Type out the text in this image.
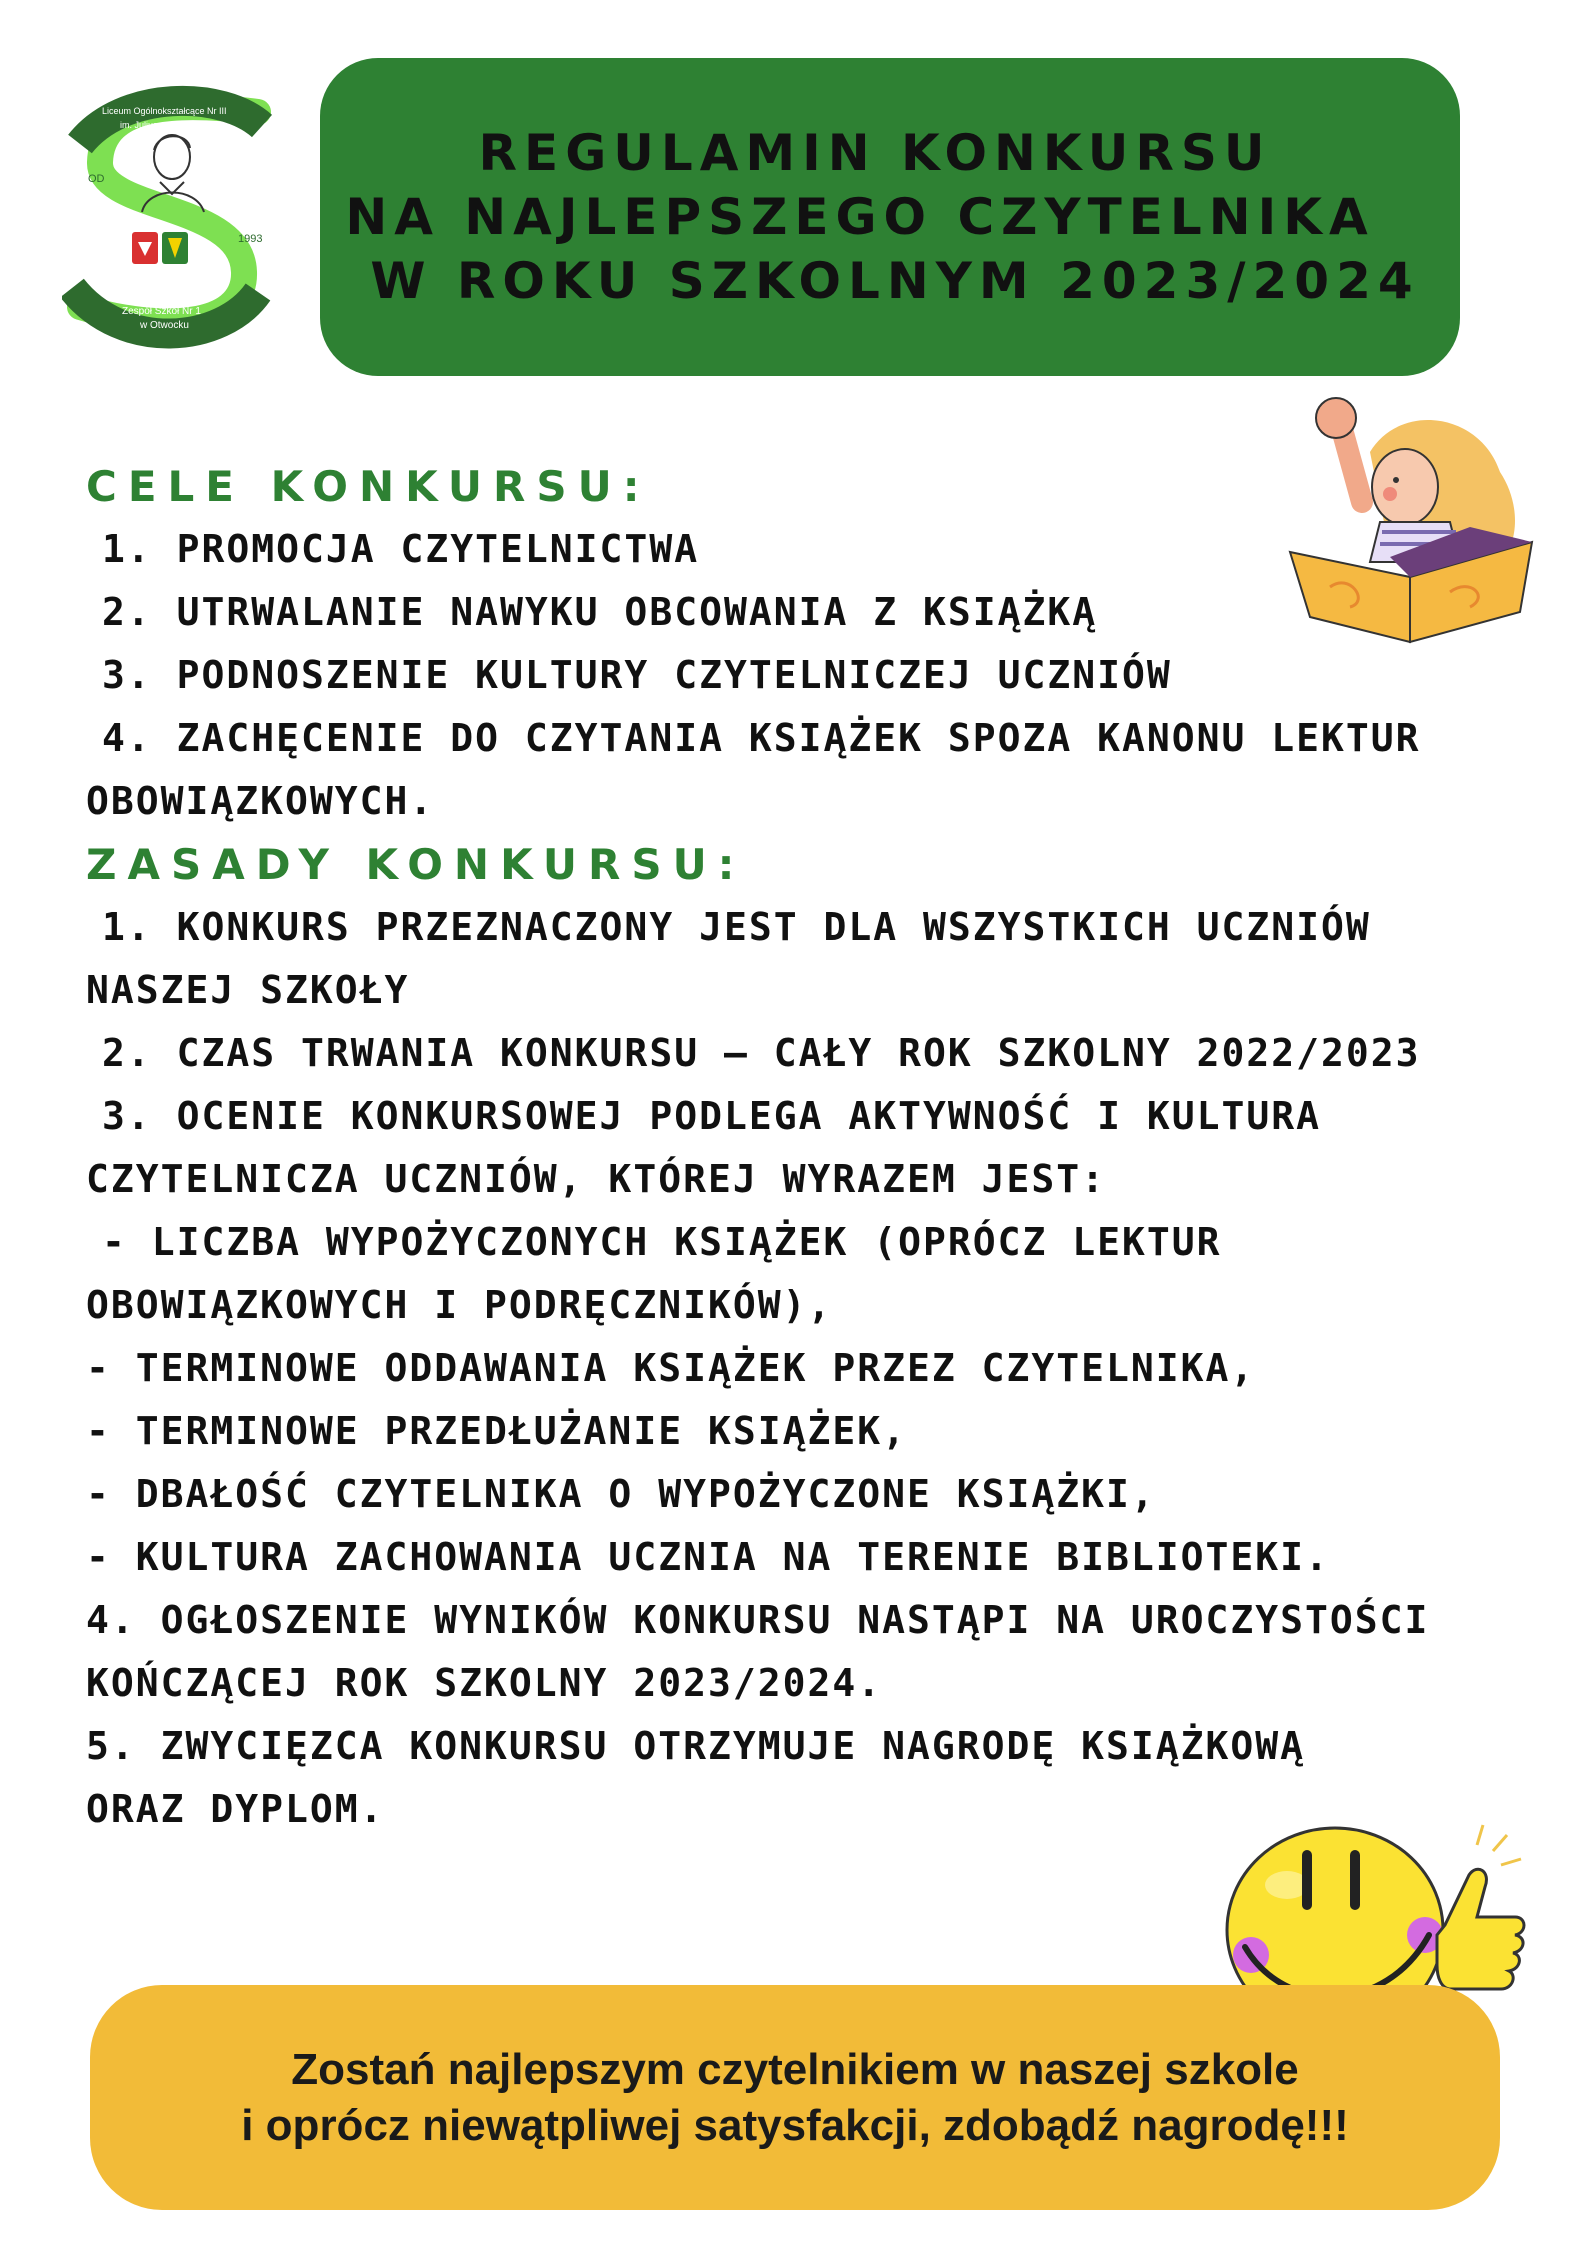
Liceum Ogólnokształcące Nr III
im. Juliusza Słowackiego
Zespół Szkół Nr 1
w Otwocku
OD
1993
REGULAMIN KONKURSU
NA NAJLEPSZEGO CZYTELNIKA
W ROKU SZKOLNYM 2023/2024
CELE KONKURSU:
1. PROMOCJA CZYTELNICTWA
2. UTRWALANIE NAWYKU OBCOWANIA Z KSIĄŻKĄ
3. PODNOSZENIE KULTURY CZYTELNICZEJ UCZNIÓW
4. ZACHĘCENIE DO CZYTANIA KSIĄŻEK SPOZA KANONU LEKTUR
OBOWIĄZKOWYCH.
ZASADY KONKURSU:
1. KONKURS PRZEZNACZONY JEST DLA WSZYSTKICH UCZNIÓW
NASZEJ SZKOŁY
2. CZAS TRWANIA KONKURSU – CAŁY ROK SZKOLNY 2022/2023
3. OCENIE KONKURSOWEJ PODLEGA AKTYWNOŚĆ I KULTURA
CZYTELNICZA UCZNIÓW, KTÓREJ WYRAZEM JEST:
- LICZBA WYPOŻYCZONYCH KSIĄŻEK (OPRÓCZ LEKTUR
OBOWIĄZKOWYCH I PODRĘCZNIKÓW),
- TERMINOWE ODDAWANIA KSIĄŻEK PRZEZ CZYTELNIKA,
- TERMINOWE PRZEDŁUŻANIE KSIĄŻEK,
- DBAŁOŚĆ CZYTELNIKA O WYPOŻYCZONE KSIĄŻKI,
- KULTURA ZACHOWANIA UCZNIA NA TERENIE BIBLIOTEKI.
4. OGŁOSZENIE WYNIKÓW KONKURSU NASTĄPI NA UROCZYSTOŚCI
KOŃCZĄCEJ ROK SZKOLNY 2023/2024.
5. ZWYCIĘZCA KONKURSU OTRZYMUJE NAGRODĘ KSIĄŻKOWĄ
ORAZ DYPLOM.
Zostań najlepszym czytelnikiem w naszej szkole
i oprócz niewątpliwej satysfakcji, zdobądź nagrodę!!!
